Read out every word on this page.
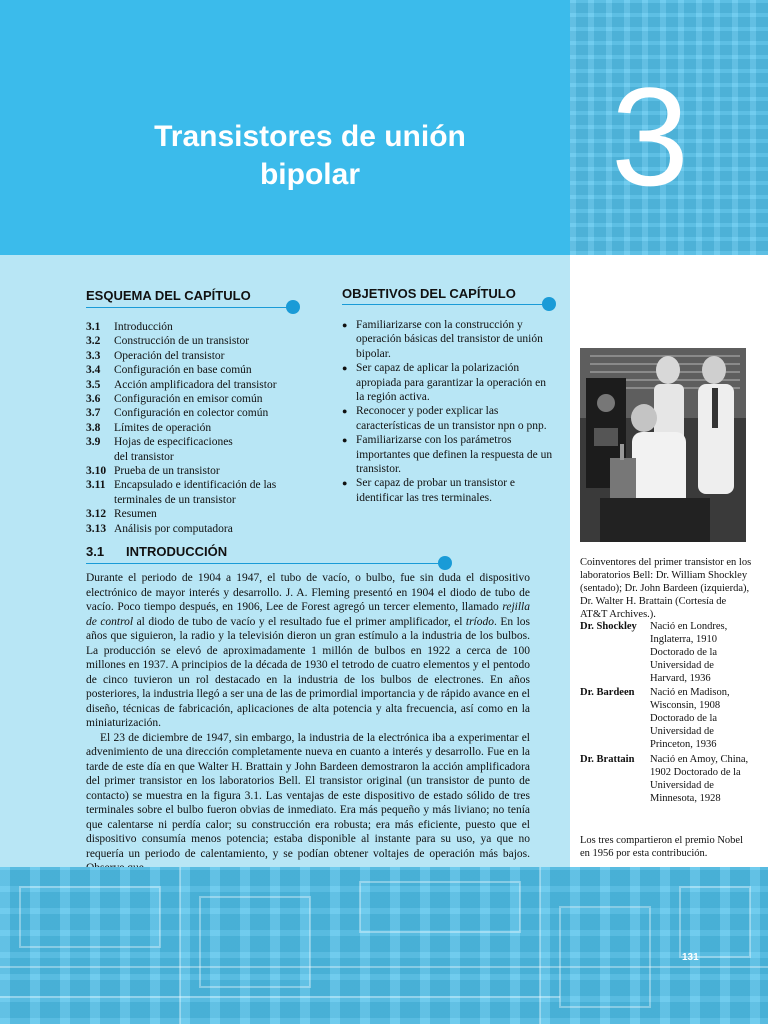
Transistores de unión
bipolar	3
ESQUEMA DEL CAPÍTULO
3.1	Introducción
3.2	Construcción de un transistor
3.3	Operación del transistor
3.4	Configuración en base común
3.5	Acción amplificadora del transistor
3.6	Configuración en emisor común
3.7	Configuración en colector común
3.8	Límites de operación
3.9	Hojas de especificaciones del transistor
3.10 Prueba de un transistor
3.11 Encapsulado e identificación de las terminales de un transistor
3.12 Resumen
3.13 Análisis por computadora
OBJETIVOS DEL CAPÍTULO
● Familiarizarse con la construcción y operación básicas del transistor de unión bipolar.
● Ser capaz de aplicar la polarización apropiada para garantizar la operación en la región activa.
● Reconocer y poder explicar las características de un transistor npn o pnp.
● Familiarizarse con los parámetros importantes que definen la respuesta de un transistor.
● Ser capaz de probar un transistor e identificar las tres terminales.
3.1 INTRODUCCIÓN

Durante el periodo de 1904 a 1947, el tubo de vacío, o bulbo, fue sin duda el dispositivo electrónico de mayor interés y desarrollo. J. A. Fleming presentó en 1904 el diodo de tubo de vacío. Poco tiempo después, en 1906, Lee de Forest agregó un tercer elemento, llamado rejilla de control al diodo de tubo de vacío y el resultado fue el primer amplificador, el tríodo. En los años que siguieron, la radio y la televisión dieron un gran estímulo a la industria de los bulbos. La producción se elevó de aproximadamente 1 millón de bulbos en 1922 a cerca de 100 millones en 1937. A principios de la década de 1930 el tetrodo de cuatro elementos y el pentodo de cinco tuvieron un rol destacado en la industria de los bulbos de electrones. En años posteriores, la industria llegó a ser una de las de primordial importancia y de rápido avance en el diseño, técnicas de fabricación, aplicaciones de alta potencia y alta frecuencia, así como en la miniaturización.

El 23 de diciembre de 1947, sin embargo, la industria de la electrónica iba a experimentar el advenimiento de una dirección completamente nueva en cuanto a interés y desarrollo. Fue en la tarde de este día en que Walter H. Brattain y John Bardeen demostraron la acción amplificadora del primer transistor en los laboratorios Bell. El transistor original (un transistor de punto de contacto) se muestra en la figura 3.1. Las ventajas de este dispositivo de estado sólido de tres terminales sobre el bulbo fueron obvias de inmediato. Era más pequeño y más liviano; no tenía que calentarse ni perdía calor; su construcción era robusta; era más eficiente, puesto que el dispositivo consumía menos potencia; estaba disponible al instante para su uso, ya que no requería un periodo de calentamiento, y se podían obtener voltajes de operación más bajos.

Coinventores del primer transistor en los laboratorios Bell: Dr. William Shockley (sentado); Dr. John Bardeen (izquierda), Dr. Walter H. Brattain (Cortesía de AT&T Archives.).
Dr. Shockley	Nació en Londres, Inglaterra, 1910 Doctorado de la Universidad de Harvard, 1936
Dr. Bardeen	Nació en Madison, Wisconsin, 1908 Doctorado de la Universidad de Princeton, 1936
Dr. Brattain	Nació en Amoy, China, 1902 Doctorado de la Universidad de Minnesota, 1928
Los tres compartieron el premio Nobel en 1956 por esta contribución.
131
